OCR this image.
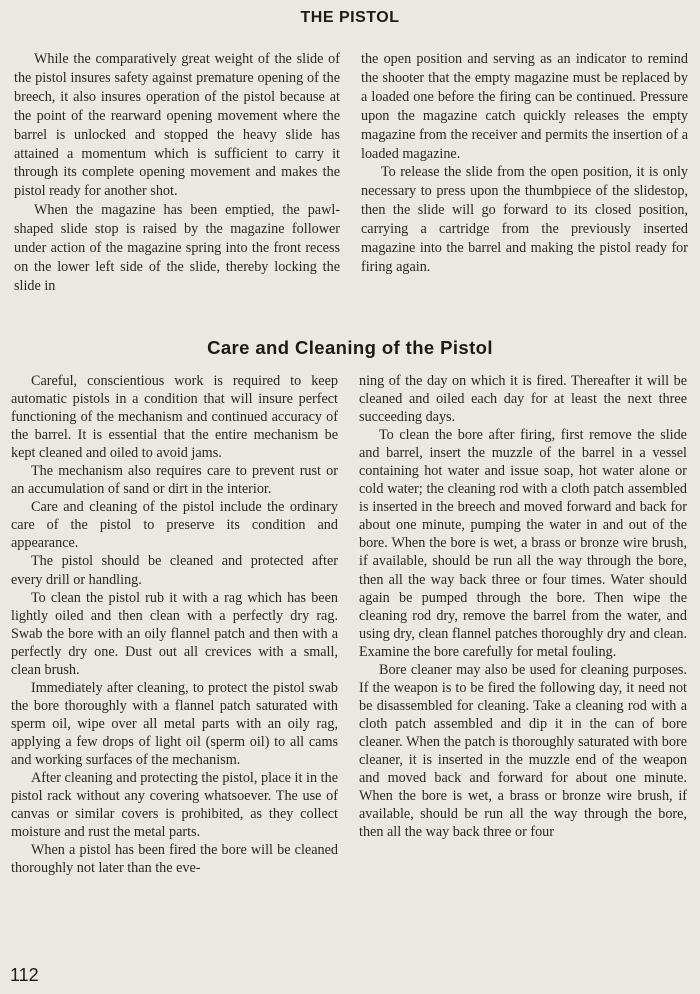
THE PISTOL

While the comparatively great weight of the slide of the pistol insures safety against premature opening of the breech, it also insures operation of the pistol because at the point of the rearward opening movement where the barrel is unlocked and stopped the heavy slide has attained a momentum which is sufficient to carry it through its complete opening movement and makes the pistol ready for another shot.

When the magazine has been emptied, the pawl-shaped slide stop is raised by the magazine follower under action of the magazine spring into the front recess on the lower left side of the slide, thereby locking the slide in

the open position and serving as an indicator to remind the shooter that the empty magazine must be replaced by a loaded one before the firing can be continued. Pressure upon the magazine catch quickly releases the empty magazine from the receiver and permits the insertion of a loaded magazine.

To release the slide from the open position, it is only necessary to press upon the thumbpiece of the slidestop, then the slide will go forward to its closed position, carrying a cartridge from the previously inserted magazine into the barrel and making the pistol ready for firing again.

Care and Cleaning of the Pistol

Careful, conscientious work is required to keep automatic pistols in a condition that will insure perfect functioning of the mechanism and continued accuracy of the barrel. It is essential that the entire mechanism be kept cleaned and oiled to avoid jams.

The mechanism also requires care to prevent rust or an accumulation of sand or dirt in the interior.

Care and cleaning of the pistol include the ordinary care of the pistol to preserve its condition and appearance.

The pistol should be cleaned and protected after every drill or handling.

To clean the pistol rub it with a rag which has been lightly oiled and then clean with a perfectly dry rag. Swab the bore with an oily flannel patch and then with a perfectly dry one. Dust out all crevices with a small, clean brush.

Immediately after cleaning, to protect the pistol swab the bore thoroughly with a flannel patch saturated with sperm oil, wipe over all metal parts with an oily rag, applying a few drops of light oil (sperm oil) to all cams and working surfaces of the mechanism.

After cleaning and protecting the pistol, place it in the pistol rack without any covering whatsoever. The use of canvas or similar covers is prohibited, as they collect moisture and rust the metal parts.

When a pistol has been fired the bore will be cleaned thoroughly not later than the eve-

ning of the day on which it is fired. Thereafter it will be cleaned and oiled each day for at least the next three succeeding days.

To clean the bore after firing, first remove the slide and barrel, insert the muzzle of the barrel in a vessel containing hot water and issue soap, hot water alone or cold water; the cleaning rod with a cloth patch assembled is inserted in the breech and moved forward and back for about one minute, pumping the water in and out of the bore. When the bore is wet, a brass or bronze wire brush, if available, should be run all the way through the bore, then all the way back three or four times. Water should again be pumped through the bore. Then wipe the cleaning rod dry, remove the barrel from the water, and using dry, clean flannel patches thoroughly dry and clean. Examine the bore carefully for metal fouling.

Bore cleaner may also be used for cleaning purposes. If the weapon is to be fired the following day, it need not be disassembled for cleaning. Take a cleaning rod with a cloth patch assembled and dip it in the can of bore cleaner. When the patch is thoroughly saturated with bore cleaner, it is inserted in the muzzle end of the weapon and moved back and forward for about one minute. When the bore is wet, a brass or bronze wire brush, if available, should be run all the way through the bore, then all the way back three or four

112
